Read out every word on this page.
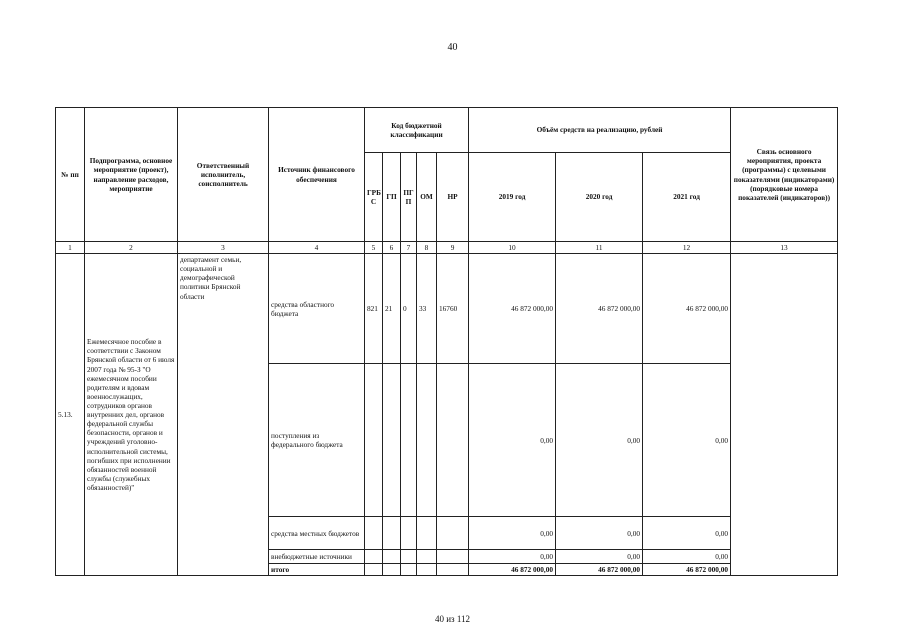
40
№ пп	Подпрограмма, основное мероприятие (проект), направление расходов, мероприятие	Ответственный исполнитель, соисполнитель	Источник финансового обеспечения	Код бюджетной классификации					Объём средств на реализацию, рублей			Связь основного мероприятия, проекта (программы) с целевыми показателями (индикаторами) (порядковые номера показателей (индикаторов))
				ГРБ С	ГП	ПГ П	ОМ	НР	2019 год	2020 год	2021 год	
1	2	3	4	5	6	7	8	9	10	11	12	13
5.13.	Ежемесячное пособие в соответствии с Законом Брянской области от 6 июля 2007 года № 95-З "О ежемесячном пособии родителям и вдовам военнослужащих, сотрудников органов внутренних дел, органов федеральной службы безопасности, органов и учреждений уголовно-исполнительной системы, погибших при исполнении обязанностей военной службы (служебных обязанностей)"	департамент семьи, социальной и демографической политики Брянской области	средства областного бюджета	821	21	0	33	16760	46 872 000,00	46 872 000,00	46 872 000,00	
			поступления из федерального бюджета						0,00	0,00	0,00	
			средства местных бюджетов						0,00	0,00	0,00	
			внебюджетные источники						0,00	0,00	0,00	
			итого						46 872 000,00	46 872 000,00	46 872 000,00	
40 из 112
